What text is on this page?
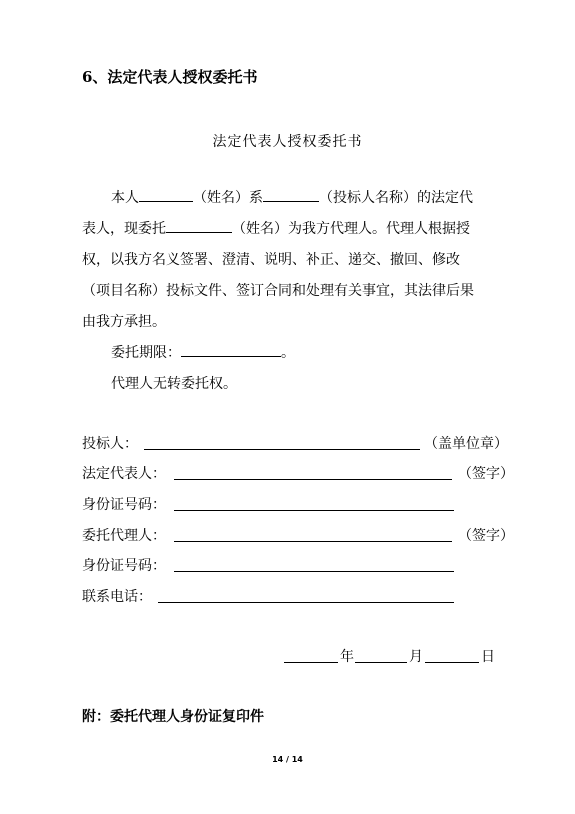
6、法定代表人授权委托书
法定代表人授权委托书
本人	（姓名）系	（投标人名称）的法定代
表人，现委托	（姓名）为我方代理人。代理人根据授
权，以我方名义签署、澄清、说明、补正、递交、撤回、修改
（项目名称）投标文件、签订合同和处理有关事宜，其法律后果
由我方承担。
委托期限：	。
代理人无转委托权。
投标人：	（盖单位章）
法定代表人：	（签字）
身份证号码：
委托代理人：	（签字）
身份证号码：
联系电话：
年	月	日
附：委托代理人身份证复印件
14 / 14
